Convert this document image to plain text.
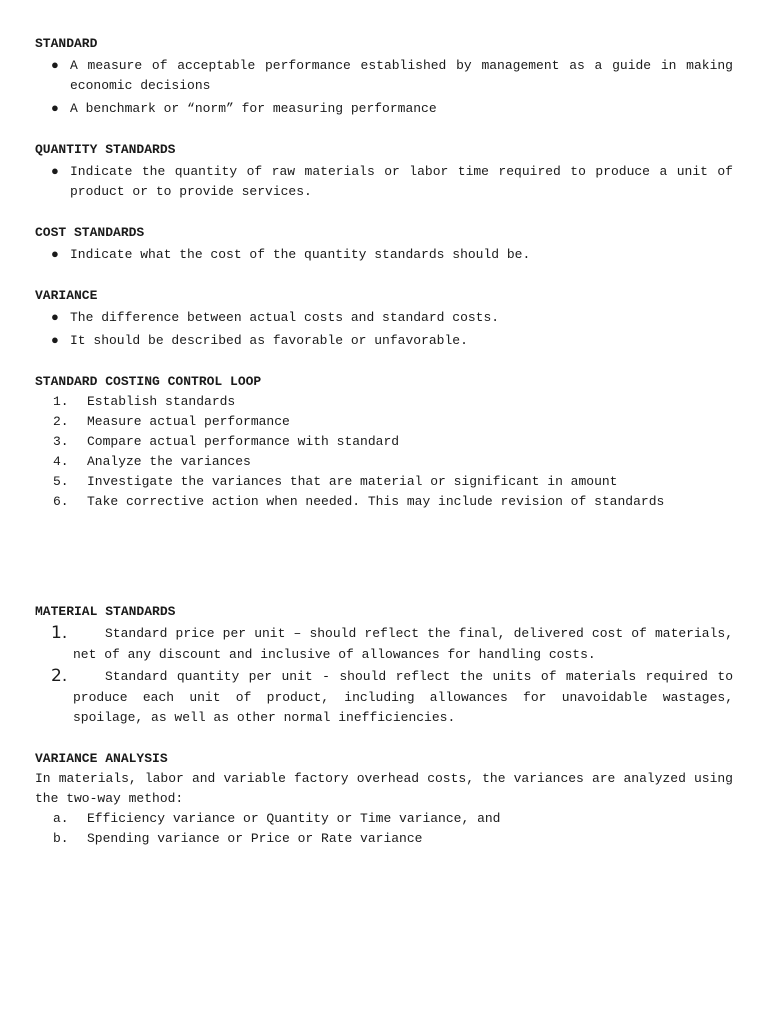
STANDARD
● A measure of acceptable performance established by management as a guide in making economic decisions
● A benchmark or “norm” for measuring performance
QUANTITY STANDARDS
● Indicate the quantity of raw materials or labor time required to produce a unit of product or to provide services.
COST STANDARDS
● Indicate what the cost of the quantity standards should be.
VARIANCE
● The difference between actual costs and standard costs.
● It should be described as favorable or unfavorable.
STANDARD COSTING CONTROL LOOP
1. Establish standards
2. Measure actual performance
3. Compare actual performance with standard
4. Analyze the variances
5. Investigate the variances that are material or significant in amount
6. Take corrective action when needed. This may include revision of standards
MATERIAL STANDARDS
1.	Standard price per unit – should reflect the final, delivered cost of materials, net of any discount and inclusive of allowances for handling costs.
2.	Standard quantity per unit - should reflect the units of materials required to produce each unit of product, including allowances for unavoidable wastages, spoilage, as well as other normal inefficiencies.
VARIANCE ANALYSIS
In materials, labor and variable factory overhead costs, the variances are analyzed using the two-way method:
a. Efficiency variance or Quantity or Time variance, and
b. Spending variance or Price or Rate variance
